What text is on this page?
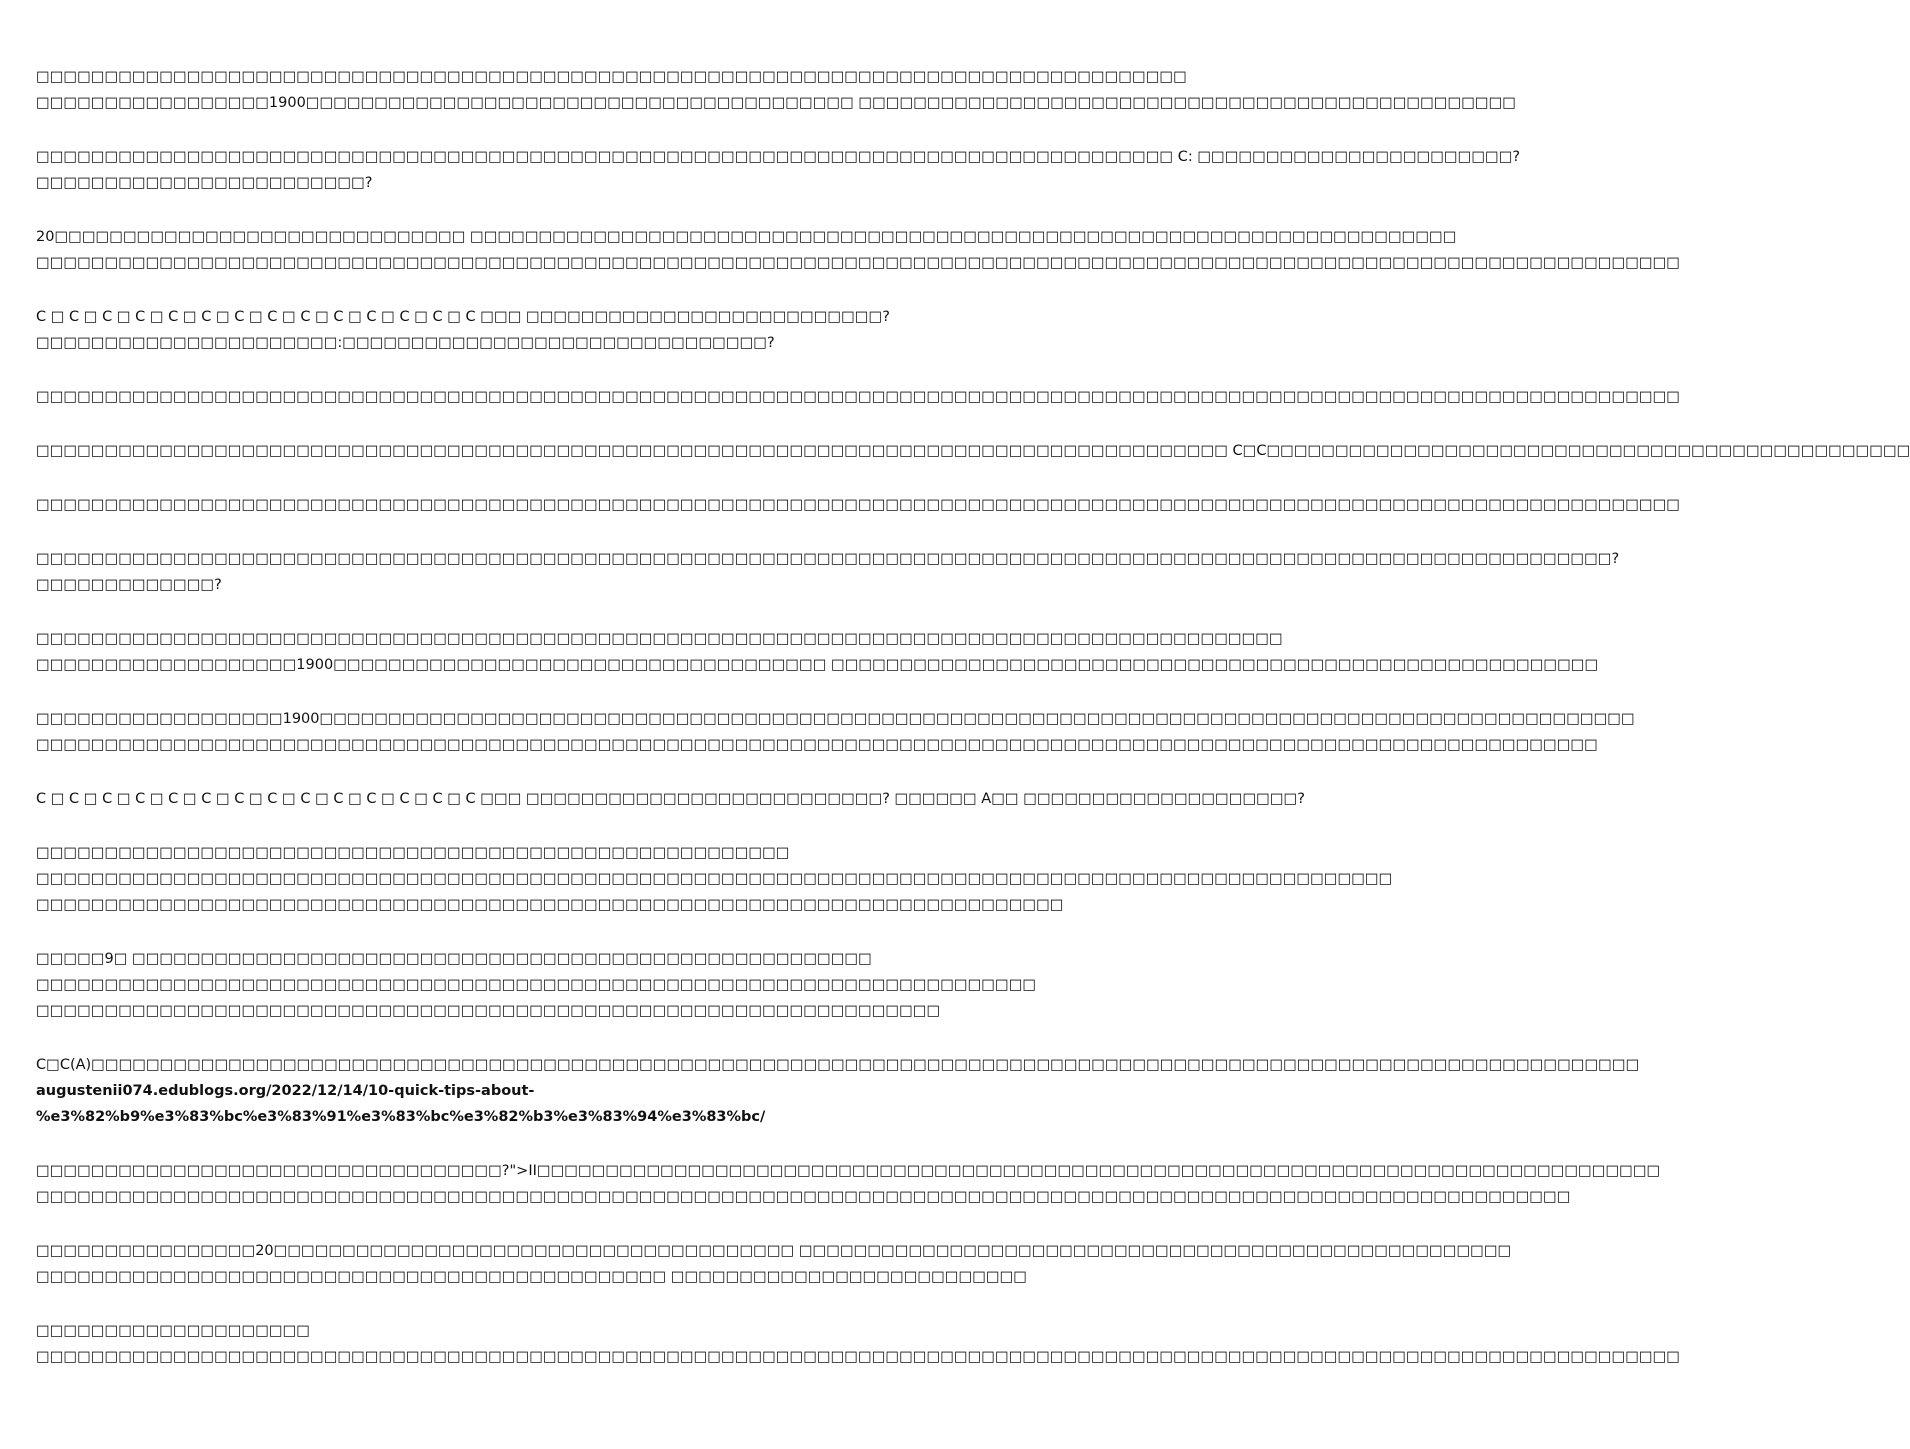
□□□□□□□□□□□□□□□□□□□□□□□□□□□□□□□□□□□□□□□□□□□□□□□□□□□□□□□□□□□□□□□□□□□□□□□□□□□□□□□□□□□□
□□□□□□□□□□□□□□□□□1900□□□□□□□□□□□□□□□□□□□□□□□□□□□□□□□□□□□□□□□□ □□□□□□□□□□□□□□□□□□□□□□□□□□□□□□□□□□□□□□□□□□□□□□□□

□□□□□□□□□□□□□□□□□□□□□□□□□□□□□□□□□□□□□□□□□□□□□□□□□□□□□□□□□□□□□□□□□□□□□□□□□□□□□□□□□□□ C: □□□□□□□□□□□□□□□□□□□□□□□?
□□□□□□□□□□□□□□□□□□□□□□□□?

20□□□□□□□□□□□□□□□□□□□□□□□□□□□□□□ □□□□□□□□□□□□□□□□□□□□□□□□□□□□□□□□□□□□□□□□□□□□□□□□□□□□□□□□□□□□□□□□□□□□□□□□
□□□□□□□□□□□□□□□□□□□□□□□□□□□□□□□□□□□□□□□□□□□□□□□□□□□□□□□□□□□□□□□□□□□□□□□□□□□□□□□□□□□□□□□□□□□□□□□□□□□□□□□□□□□□□□□□□□□□□□□□

C □ C □ C □ C □ C □ C □ C □ C □ C □ C □ C □ C □ C □ C □□□ □□□□□□□□□□□□□□□□□□□□□□□□□□?
□□□□□□□□□□□□□□□□□□□□□□:□□□□□□□□□□□□□□□□□□□□□□□□□□□□□□□?

□□□□□□□□□□□□□□□□□□□□□□□□□□□□□□□□□□□□□□□□□□□□□□□□□□□□□□□□□□□□□□□□□□□□□□□□□□□□□□□□□□□□□□□□□□□□□□□□□□□□□□□□□□□□□□□□□□□□□□□□

□□□□□□□□□□□□□□□□□□□□□□□□□□□□□□□□□□□□□□□□□□□□□□□□□□□□□□□□□□□□□□□□□□□□□□□□□□□□□□□□□□□□□□□ C□C□□□□□□□□□□□□□□□□□□□□□□□□□□□□□□□□□□□□□□□□□□□□□□□

□□□□□□□□□□□□□□□□□□□□□□□□□□□□□□□□□□□□□□□□□□□□□□□□□□□□□□□□□□□□□□□□□□□□□□□□□□□□□□□□□□□□□□□□□□□□□□□□□□□□□□□□□□□□□□□□□□□□□□□□

□□□□□□□□□□□□□□□□□□□□□□□□□□□□□□□□□□□□□□□□□□□□□□□□□□□□□□□□□□□□□□□□□□□□□□□□□□□□□□□□□□□□□□□□□□□□□□□□□□□□□□□□□□□□□□□□□□□?
□□□□□□□□□□□□□?

□□□□□□□□□□□□□□□□□□□□□□□□□□□□□□□□□□□□□□□□□□□□□□□□□□□□□□□□□□□□□□□□□□□□□□□□□□□□□□□□□□□□□□□□□□□
□□□□□□□□□□□□□□□□□□□1900□□□□□□□□□□□□□□□□□□□□□□□□□□□□□□□□□□□□ □□□□□□□□□□□□□□□□□□□□□□□□□□□□□□□□□□□□□□□□□□□□□□□□□□□□□□□□

□□□□□□□□□□□□□□□□□□1900□□□□□□□□□□□□□□□□□□□□□□□□□□□□□□□□□□□□□□□□□□□□□□□□□□□□□□□□□□□□□□□□□□□□□□□□□□□□□□□□□□□□□□□□□□□□□□□□
□□□□□□□□□□□□□□□□□□□□□□□□□□□□□□□□□□□□□□□□□□□□□□□□□□□□□□□□□□□□□□□□□□□□□□□□□□□□□□□□□□□□□□□□□□□□□□□□□□□□□□□□□□□□□□□□□□

C □ C □ C □ C □ C □ C □ C □ C □ C □ C □ C □ C □ C □ C □□□ □□□□□□□□□□□□□□□□□□□□□□□□□□? □□□□□□ A□□ □□□□□□□□□□□□□□□□□□□□?

□□□□□□□□□□□□□□□□□□□□□□□□□□□□□□□□□□□□□□□□□□□□□□□□□□□□□□□
□□□□□□□□□□□□□□□□□□□□□□□□□□□□□□□□□□□□□□□□□□□□□□□□□□□□□□□□□□□□□□□□□□□□□□□□□□□□□□□□□□□□□□□□□□□□□□□□□□□
□□□□□□□□□□□□□□□□□□□□□□□□□□□□□□□□□□□□□□□□□□□□□□□□□□□□□□□□□□□□□□□□□□□□□□□□□□□

□□□□□9□ □□□□□□□□□□□□□□□□□□□□□□□□□□□□□□□□□□□□□□□□□□□□□□□□□□□□□□
□□□□□□□□□□□□□□□□□□□□□□□□□□□□□□□□□□□□□□□□□□□□□□□□□□□□□□□□□□□□□□□□□□□□□□□□□
□□□□□□□□□□□□□□□□□□□□□□□□□□□□□□□□□□□□□□□□□□□□□□□□□□□□□□□□□□□□□□□□□□

C□C(A)□□□□□□□□□□□□□□□□□□□□□□□□□□□□□□□□□□□□□□□□□□□□□□□□□□□□□□□□□□□□□□□□□□□□□□□□□□□□□□□□□□□□□□□□□□□□□□□□□□□□□□□□□□□□□□□□□
augustenii074.edublogs.org/2022/12/14/10-quick-tips-about-
%e3%82%b9%e3%83%bc%e3%83%91%e3%83%bc%e3%82%b3%e3%83%94%e3%83%bc/

□□□□□□□□□□□□□□□□□□□□□□□□□□□□□□□□□□?">II□□□□□□□□□□□□□□□□□□□□□□□□□□□□□□□□□□□□□□□□□□□□□□□□□□□□□□□□□□□□□□□□□□□□□□□□□□□□□□□□□□
□□□□□□□□□□□□□□□□□□□□□□□□□□□□□□□□□□□□□□□□□□□□□□□□□□□□□□□□□□□□□□□□□□□□□□□□□□□□□□□□□□□□□□□□□□□□□□□□□□□□□□□□□□□□□□□□

□□□□□□□□□□□□□□□□20□□□□□□□□□□□□□□□□□□□□□□□□□□□□□□□□□□□□□□ □□□□□□□□□□□□□□□□□□□□□□□□□□□□□□□□□□□□□□□□□□□□□□□□□□□□
□□□□□□□□□□□□□□□□□□□□□□□□□□□□□□□□□□□□□□□□□□□□□□ □□□□□□□□□□□□□□□□□□□□□□□□□□

□□□□□□□□□□□□□□□□□□□□
□□□□□□□□□□□□□□□□□□□□□□□□□□□□□□□□□□□□□□□□□□□□□□□□□□□□□□□□□□□□□□□□□□□□□□□□□□□□□□□□□□□□□□□□□□□□□□□□□□□□□□□□□□□□□□□□□□□□□□□□
